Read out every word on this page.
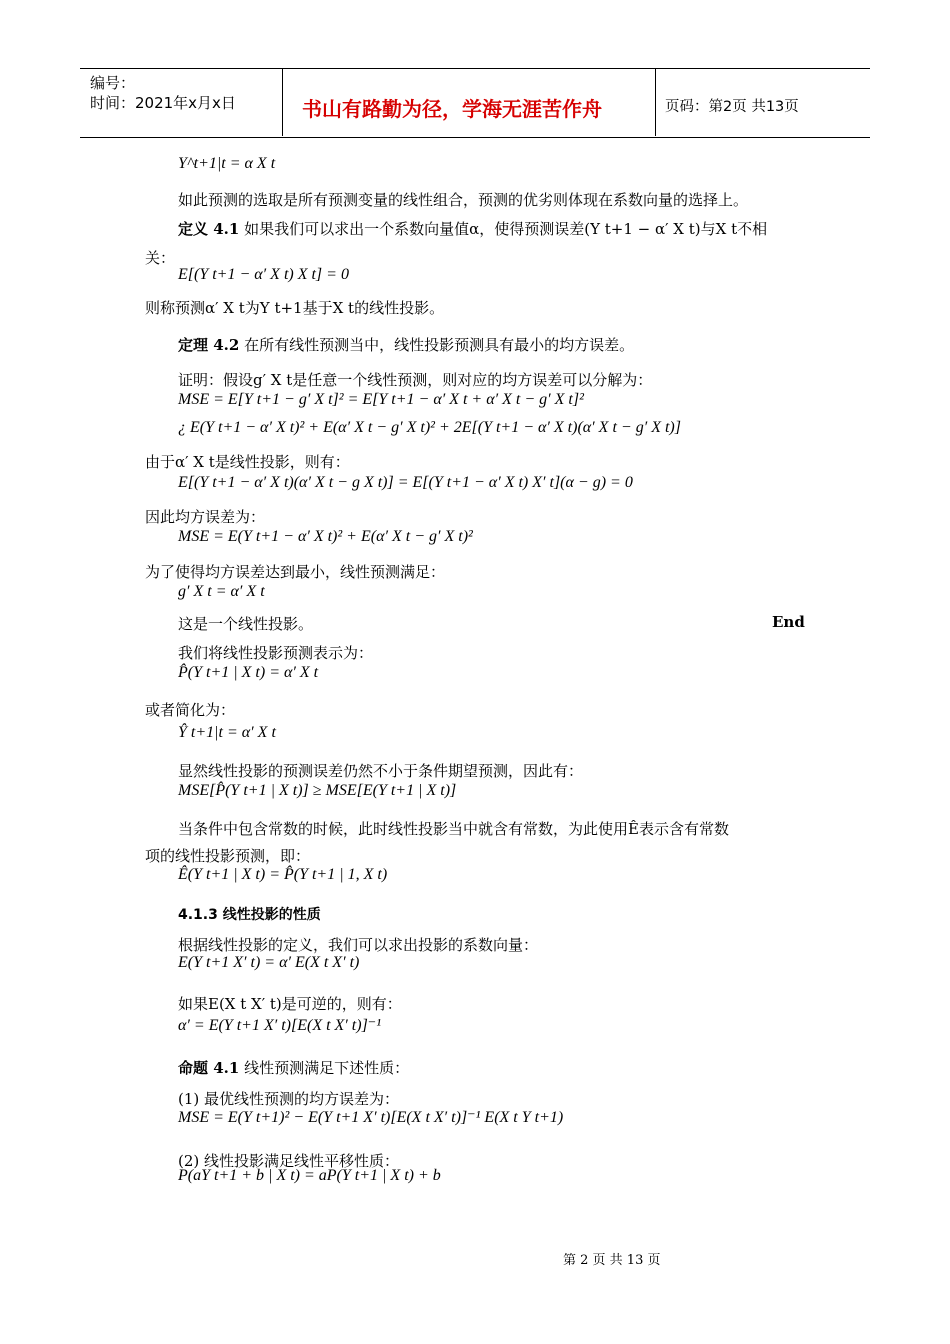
编号：
时间：2021年x月x日	书山有路勤为径，学海无涯苦作舟	页码：第2页 共13页
Y^t+1|t = α X t
如此预测的选取是所有预测变量的线性组合，预测的优劣则体现在系数向量的选择上。
定义 4.1 如果我们可以求出一个系数向量值α，使得预测误差(Y t+1 − α′ X t)与X t不相
关：
E[(Y t+1 − α′ X t) X t] = 0
则称预测α′ X t为Y t+1基于X t的线性投影。
定理 4.2 在所有线性预测当中，线性投影预测具有最小的均方误差。
证明：假设g′ X t是任意一个线性预测，则对应的均方误差可以分解为：
MSE = E[Y t+1 − g′ X t]² = E[Y t+1 − α′ X t + α′ X t − g′ X t]²
¿ E(Y t+1 − α′ X t)² + E(α′ X t − g′ X t)² + 2E[(Y t+1 − α′ X t)(α′ X t − g′ X t)]
由于α′ X t是线性投影，则有：
E[(Y t+1 − α′ X t)(α′ X t − g X t)] = E[(Y t+1 − α′ X t) X′ t](α − g) = 0
因此均方误差为：
MSE = E(Y t+1 − α′ X t)² + E(α′ X t − g′ X t)²
为了使得均方误差达到最小，线性预测满足：
g′ X t = α′ X t
这是一个线性投影。	End
我们将线性投影预测表示为：
P̂(Y t+1 | X t) = α′ X t
或者简化为：
Ŷ t+1|t = α′ X t
显然线性投影的预测误差仍然不小于条件期望预测，因此有：
MSE[P̂(Y t+1 | X t)] ≥ MSE[E(Y t+1 | X t)]
当条件中包含常数的时候，此时线性投影当中就含有常数，为此使用Ê表示含有常数
项的线性投影预测，即：
Ê(Y t+1 | X t) = P̂(Y t+1 | 1, X t)
4.1.3 线性投影的性质
根据线性投影的定义，我们可以求出投影的系数向量：
E(Y t+1 X′ t) = α′ E(X t X′ t)
如果E(X t X′ t)是可逆的，则有：
α′ = E(Y t+1 X′ t)[E(X t X′ t)]⁻¹
命题 4.1 线性预测满足下述性质：
(1) 最优线性预测的均方误差为：
MSE = E(Y t+1)² − E(Y t+1 X′ t)[E(X t X′ t)]⁻¹ E(X t Y t+1)
(2) 线性投影满足线性平移性质：
P(aY t+1 + b | X t) = aP(Y t+1 | X t) + b
第 2 页 共 13 页
